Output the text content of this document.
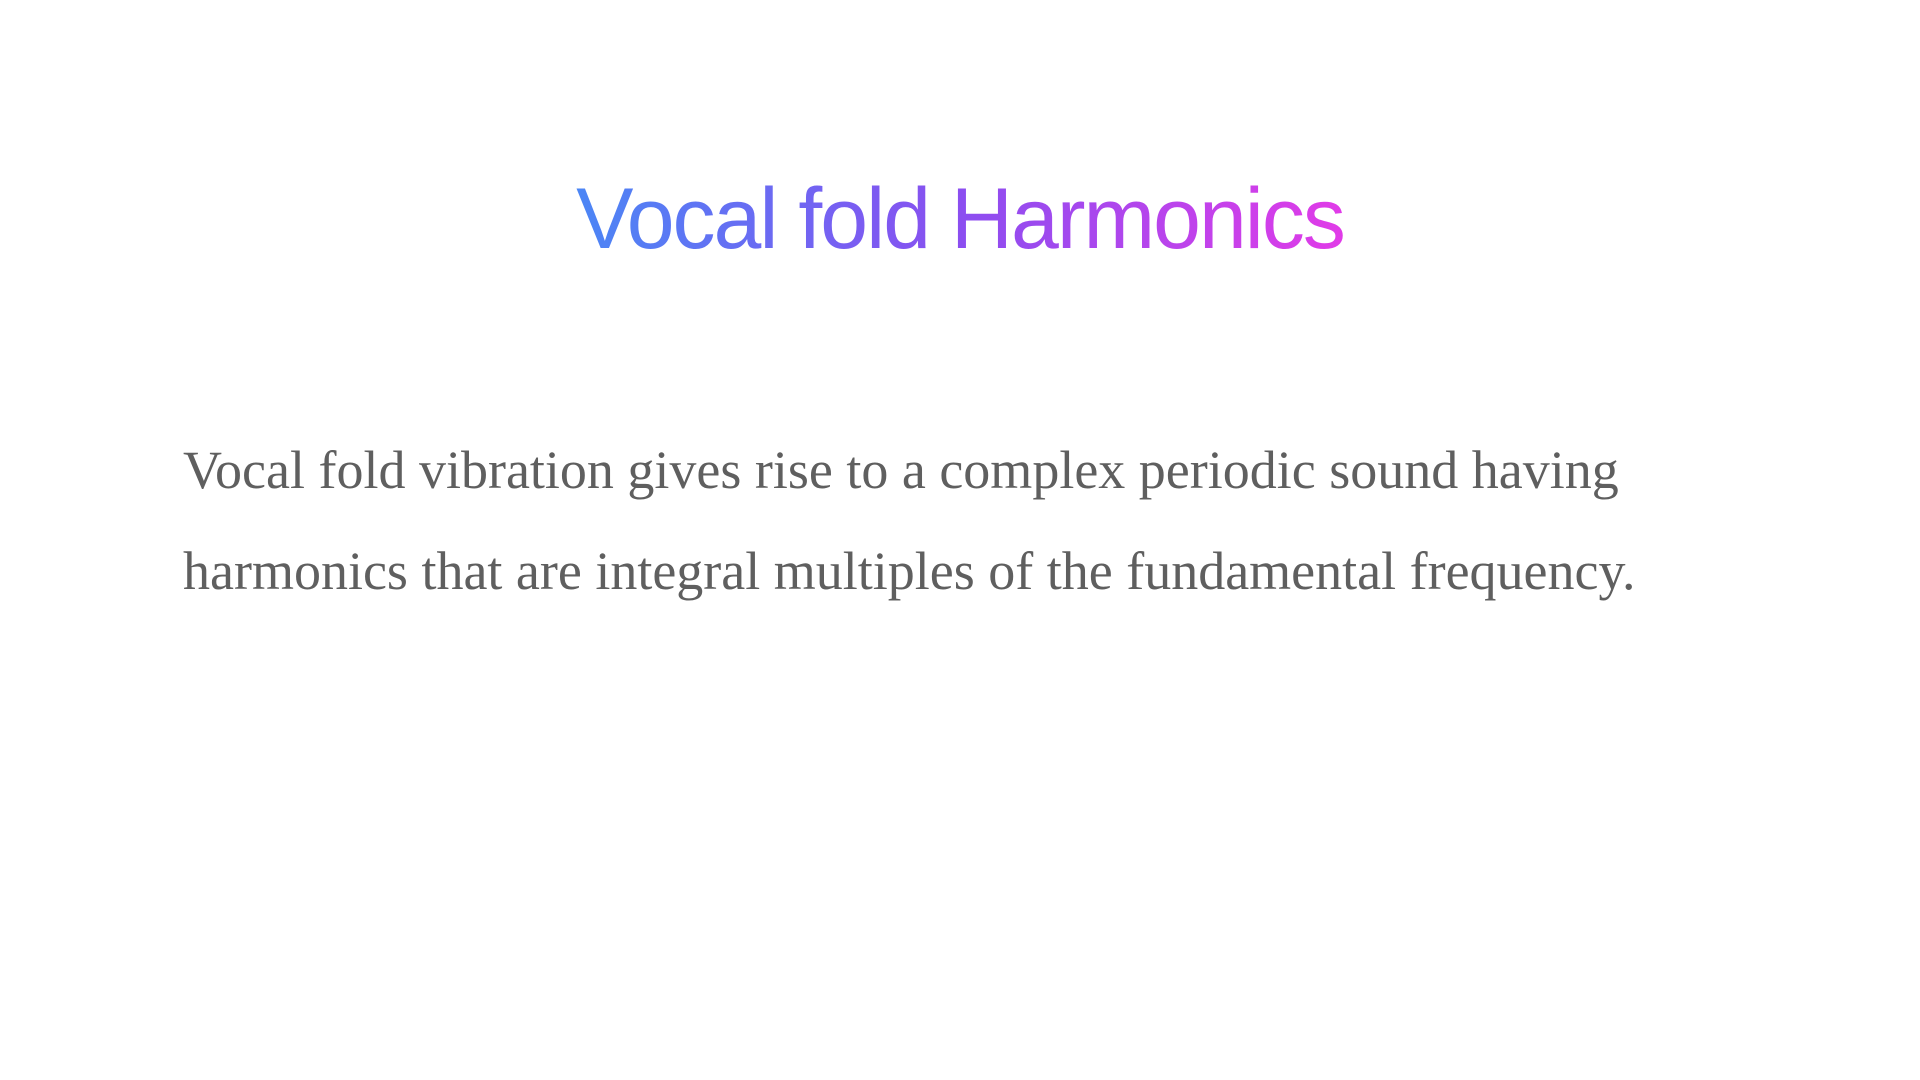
Vocal fold Harmonics

Vocal fold vibration gives rise to a complex periodic sound having
harmonics that are integral multiples of the fundamental frequency.
